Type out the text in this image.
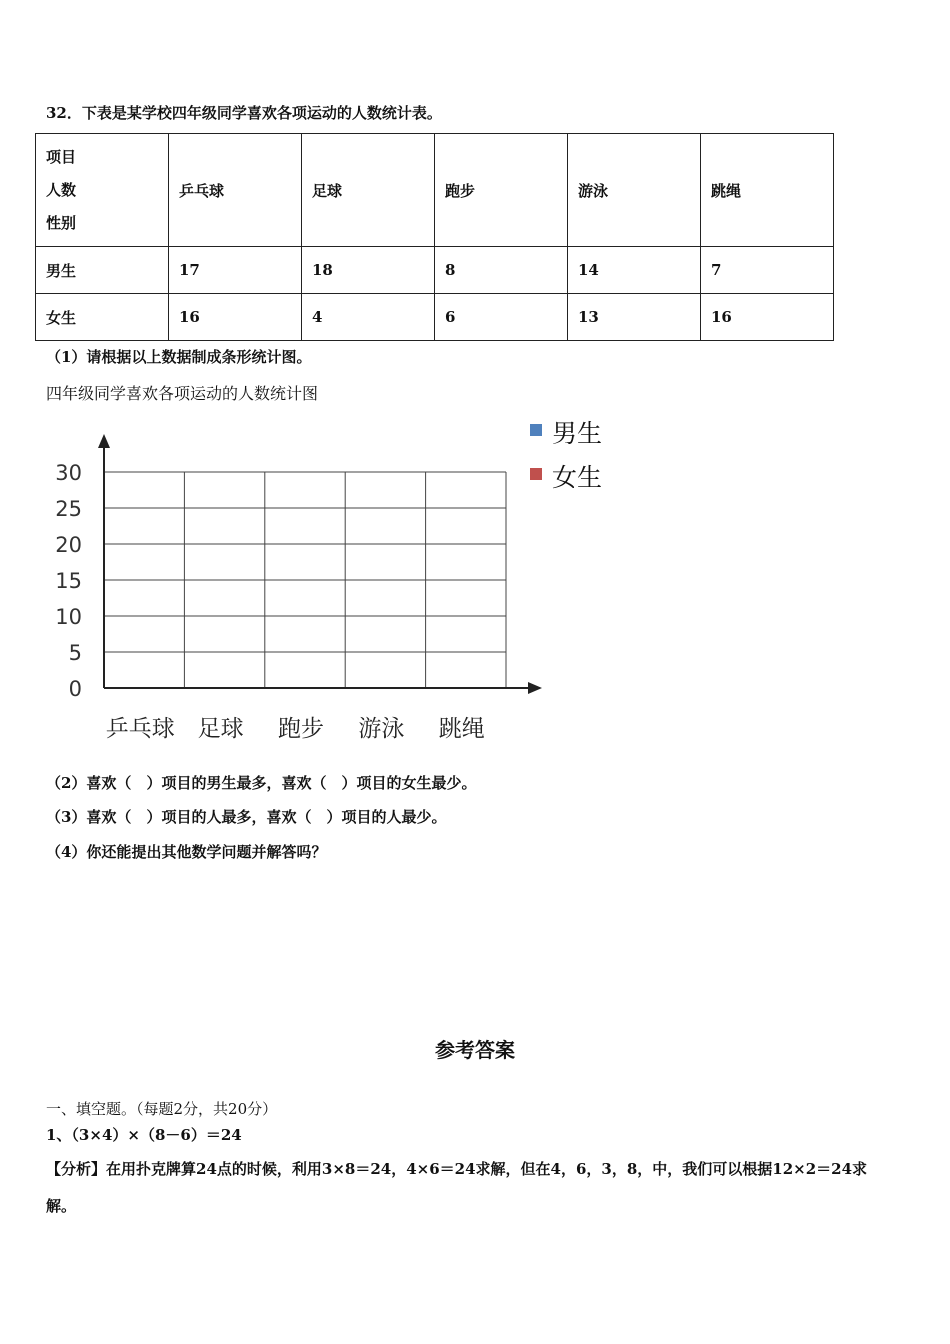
32．下表是某学校四年级同学喜欢各项运动的人数统计表。
项目
人数
性别	乒乓球	足球	跑步	游泳	跳绳
男生	17	18	8	14	7
女生	16	4	6	13	16
（1）请根据以上数据制成条形统计图。
四年级同学喜欢各项运动的人数统计图
0
5
10
15
20
25
30
乒乓球 足球 跑步 游泳 跳绳
男生
女生
（2）喜欢（　）项目的男生最多，喜欢（　）项目的女生最少。
（3）喜欢（　）项目的人最多，喜欢（　）项目的人最少。
（4）你还能提出其他数学问题并解答吗？
参考答案
一、填空题。（每题2分，共20分）
1、（3×4）×（8－6）＝24
【分析】在用扑克牌算24点的时候，利用3×8＝24，4×6＝24求解，但在4，6，3，8，中，我们可以根据12×2＝24求
解。
